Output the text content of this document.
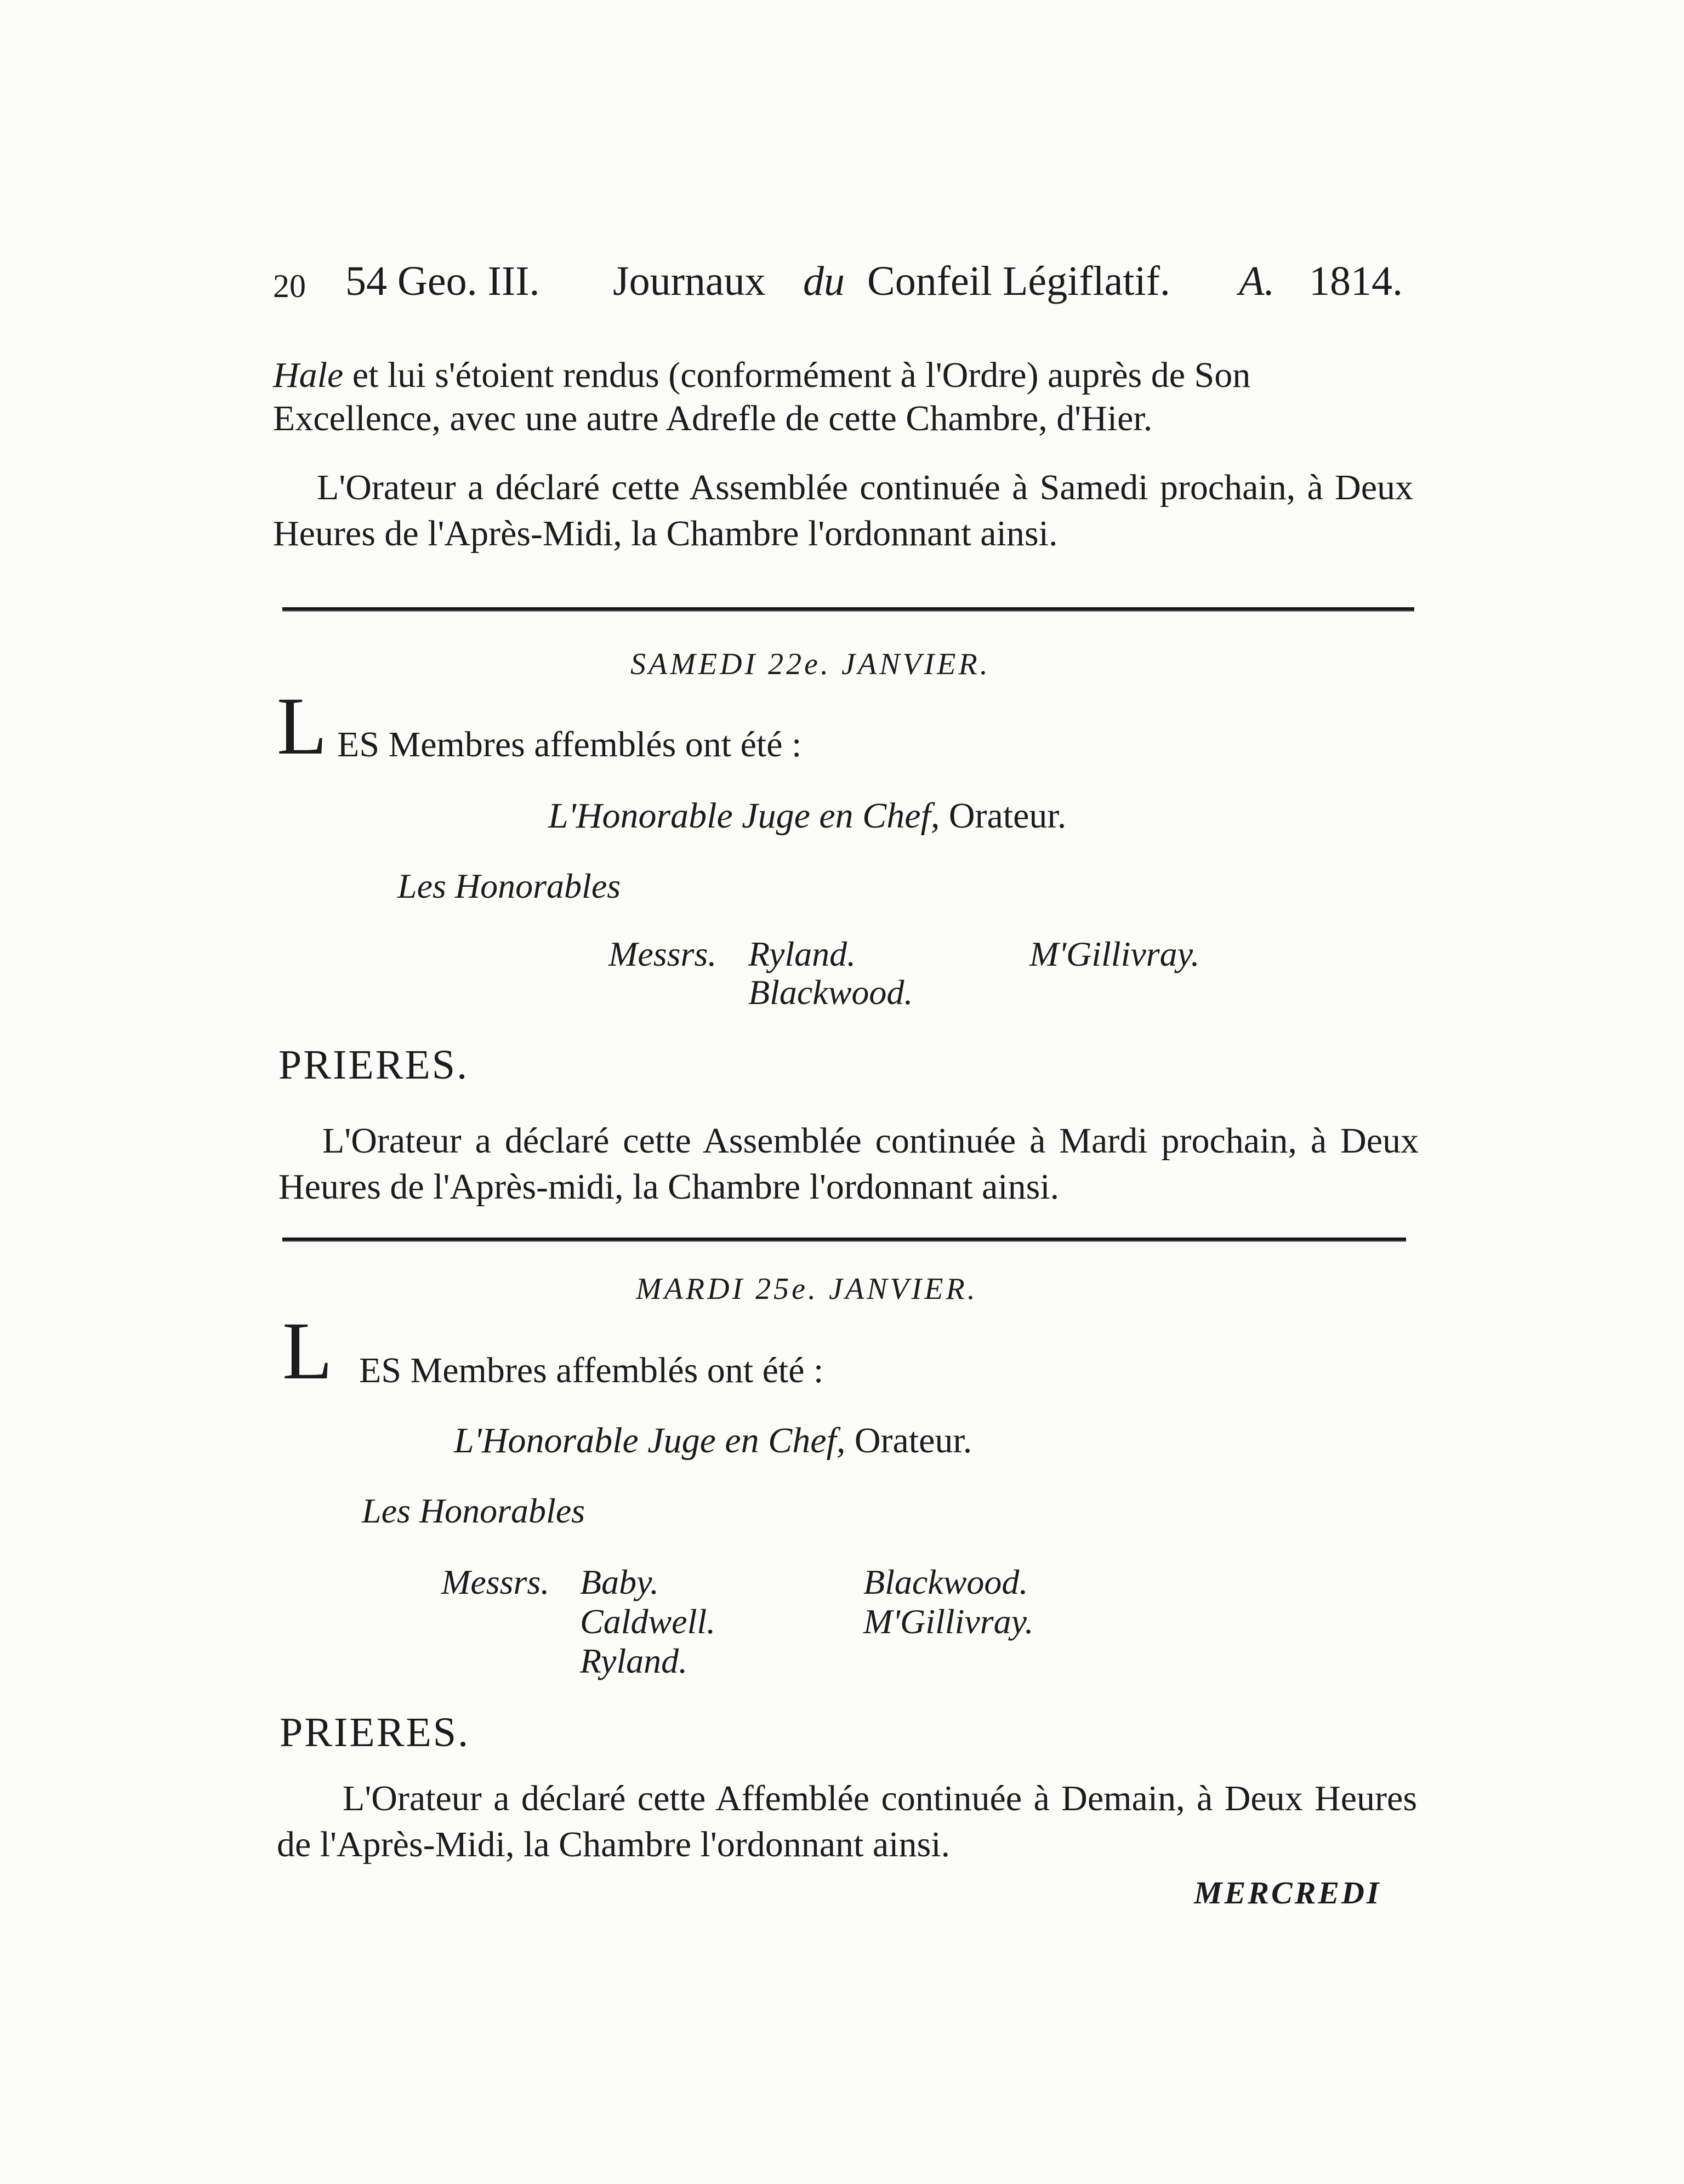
20 54 Geo. III. Journaux du Confeil Légiflatif. A. 1814.
Hale et lui s'étoient rendus (conformément à l'Ordre) auprès de Son
Excellence, avec une autre Adrefle de cette Chambre, d'Hier.
L'Orateur a déclaré cette Assemblée continuée à Samedi prochain, à Deux Heures de l'Après-Midi, la Chambre l'ordonnant ainsi.
SAMEDI 22e. JANVIER.
L ES Membres affemblés ont été :
L'Honorable Juge en Chef, Orateur.
Les Honorables
Messrs. Ryland.
Blackwood.
M'Gillivray.
PRIERES.
L'Orateur a déclaré cette Assemblée continuée à Mardi prochain, à Deux Heures de l'Après-midi, la Chambre l'ordonnant ainsi.
MARDI 25e. JANVIER.
L ES Membres affemblés ont été :
L'Honorable Juge en Chef, Orateur.
Les Honorables
Messrs. Baby.
Caldwell.
Ryland.
Blackwood.
M'Gillivray.
PRIERES.
L'Orateur a déclaré cette Affemblée continuée à Demain, à Deux Heures de l'Après-Midi, la Chambre l'ordonnant ainsi.
MERCREDI
